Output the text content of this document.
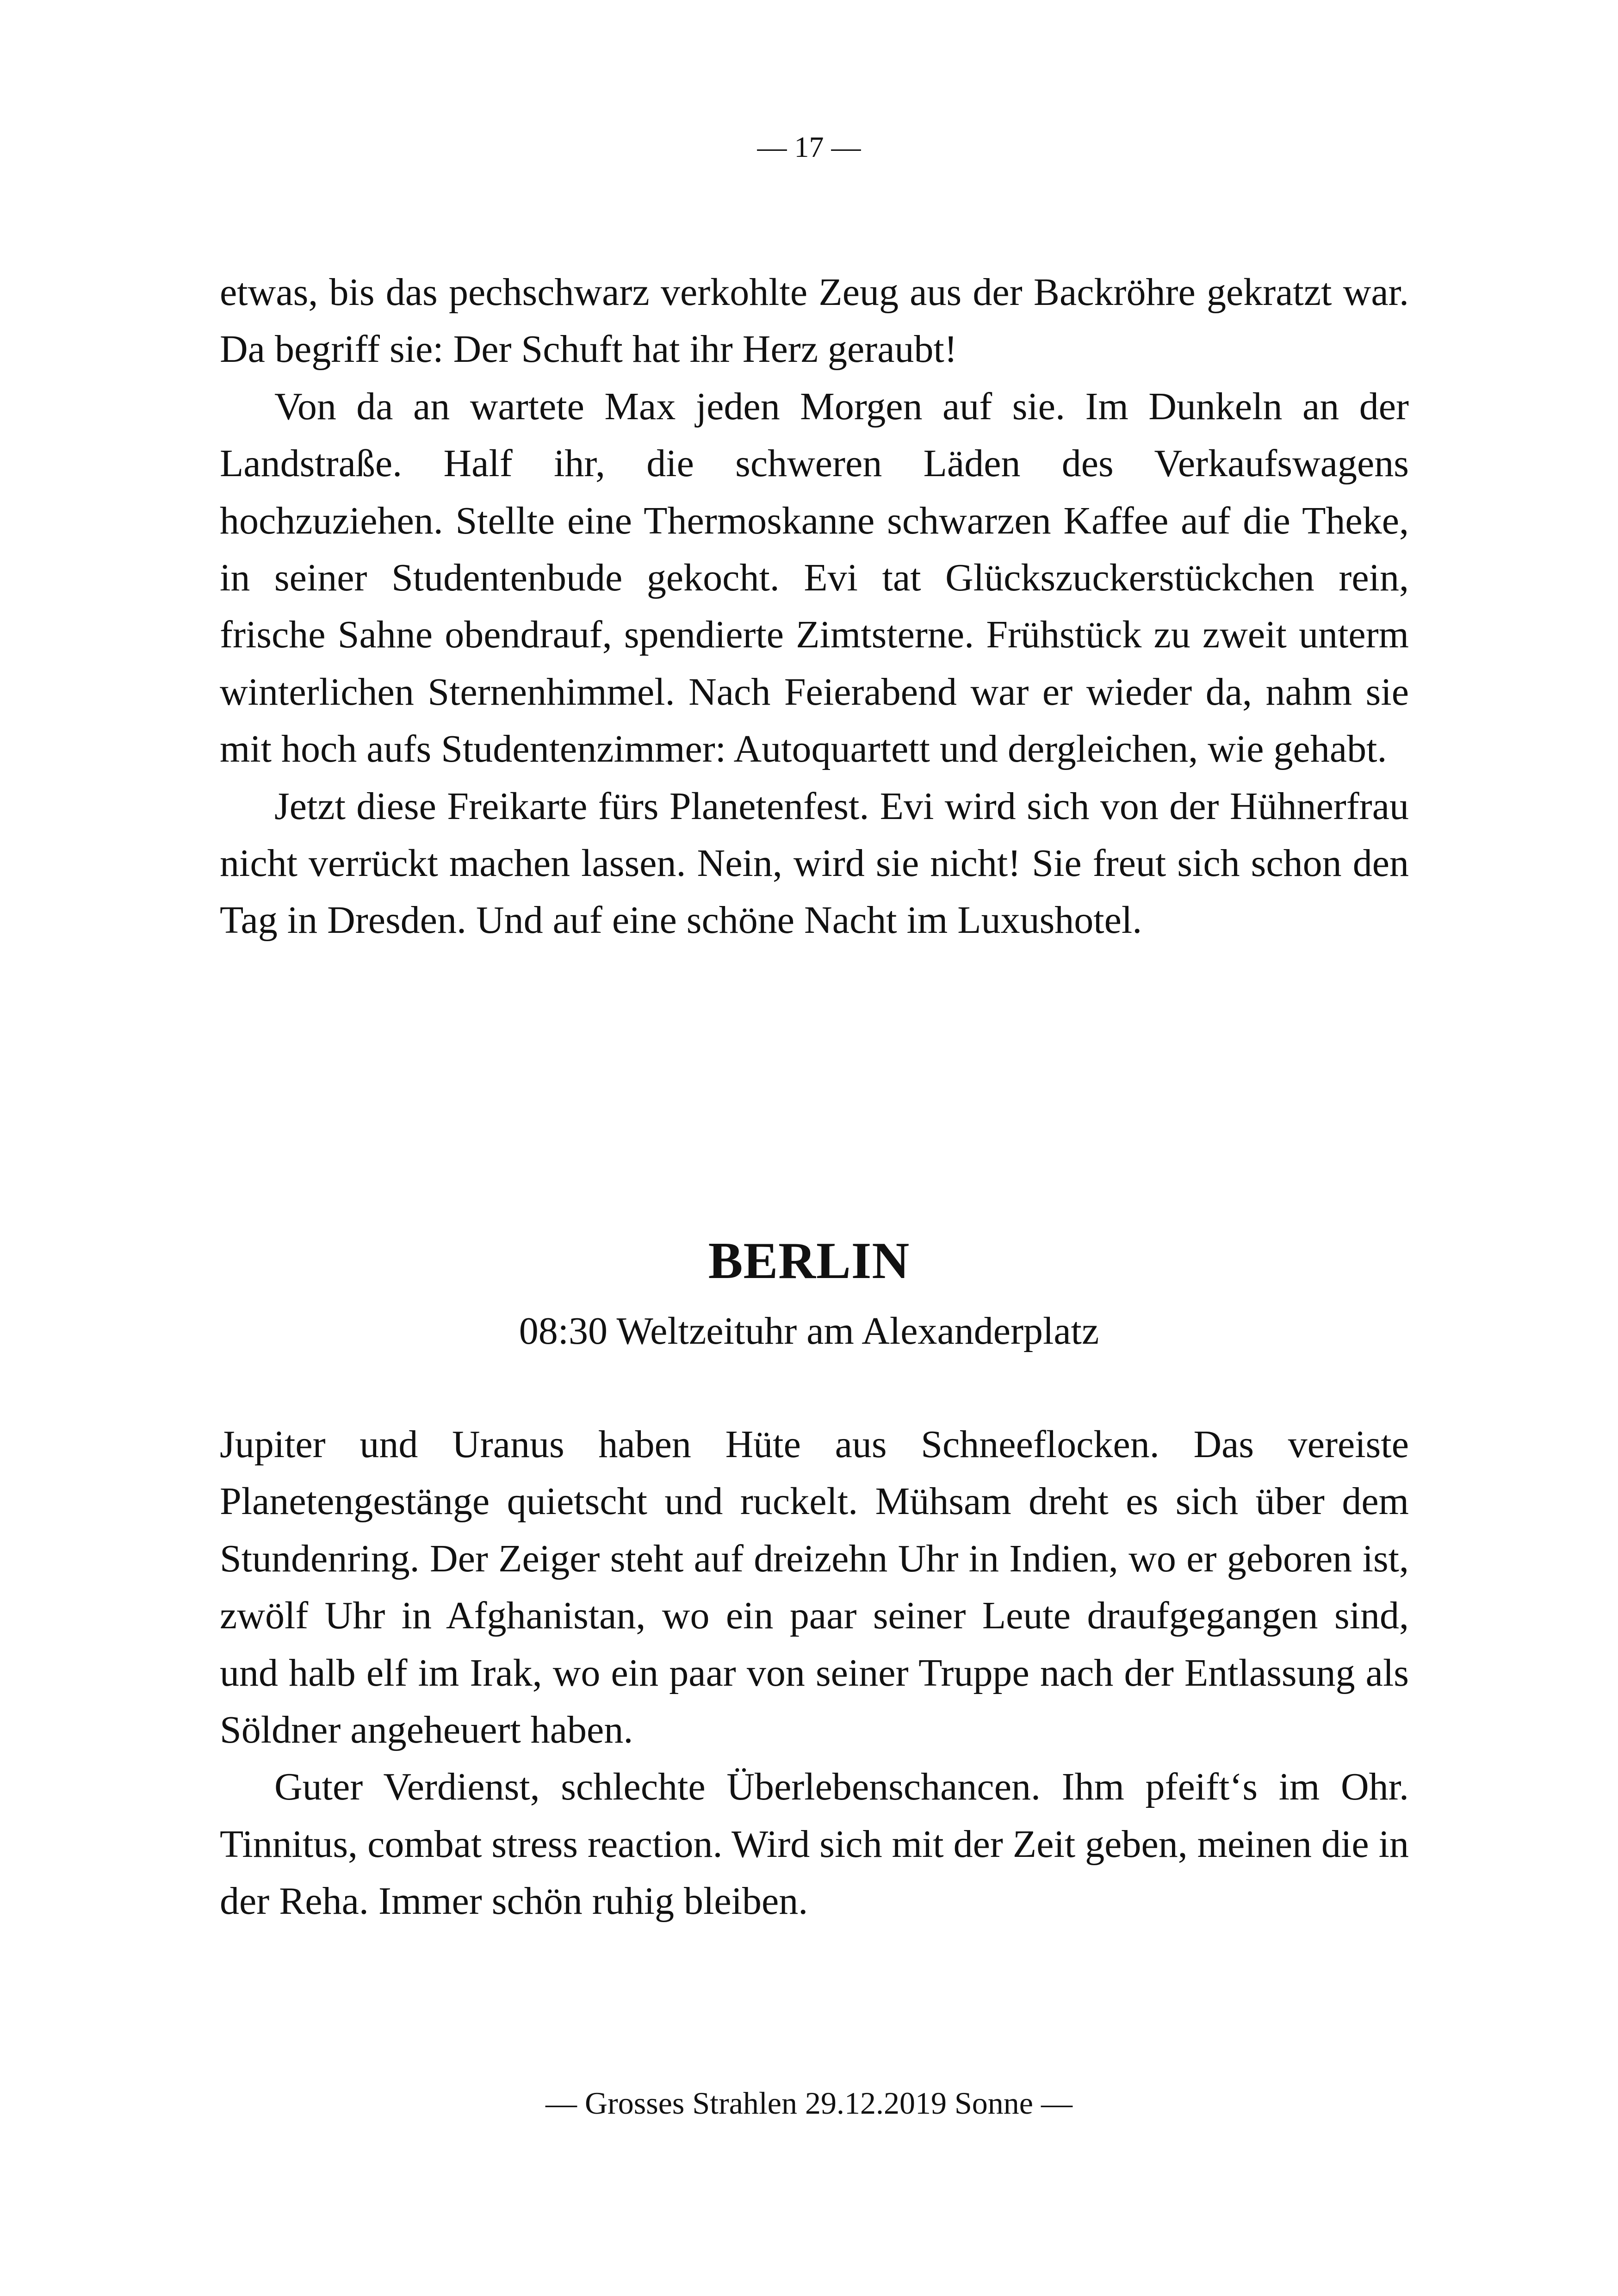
— 17 —

etwas, bis das pechschwarz verkohlte Zeug aus der Backröhre gekratzt war. Da begriff sie: Der Schuft hat ihr Herz geraubt!

Von da an wartete Max jeden Morgen auf sie. Im Dunkeln an der Landstraße. Half ihr, die schweren Läden des Verkaufswagens hochzuziehen. Stellte eine Thermoskanne schwarzen Kaffee auf die Theke, in seiner Studentenbude gekocht. Evi tat Glückszuckerstückchen rein, frische Sahne obendrauf, spendierte Zimtsterne. Frühstück zu zweit unterm winterlichen Sternenhimmel. Nach Feierabend war er wieder da, nahm sie mit hoch aufs Studentenzimmer: Autoquartett und dergleichen, wie gehabt.

Jetzt diese Freikarte fürs Planetenfest. Evi wird sich von der Hühnerfrau nicht verrückt machen lassen. Nein, wird sie nicht! Sie freut sich schon den Tag in Dresden. Und auf eine schöne Nacht im Luxushotel.

BERLIN
08:30 Weltzeituhr am Alexanderplatz

Jupiter und Uranus haben Hüte aus Schneeflocken. Das vereiste Planetengestänge quietscht und ruckelt. Mühsam dreht es sich über dem Stundenring. Der Zeiger steht auf dreizehn Uhr in Indien, wo er geboren ist, zwölf Uhr in Afghanistan, wo ein paar seiner Leute draufgegangen sind, und halb elf im Irak, wo ein paar von seiner Truppe nach der Entlassung als Söldner angeheuert haben.

Guter Verdienst, schlechte Überlebenschancen. Ihm pfeift‘s im Ohr. Tinnitus, combat stress reaction. Wird sich mit der Zeit geben, meinen die in der Reha. Immer schön ruhig bleiben.

— Grosses Strahlen 29.12.2019 Sonne —
